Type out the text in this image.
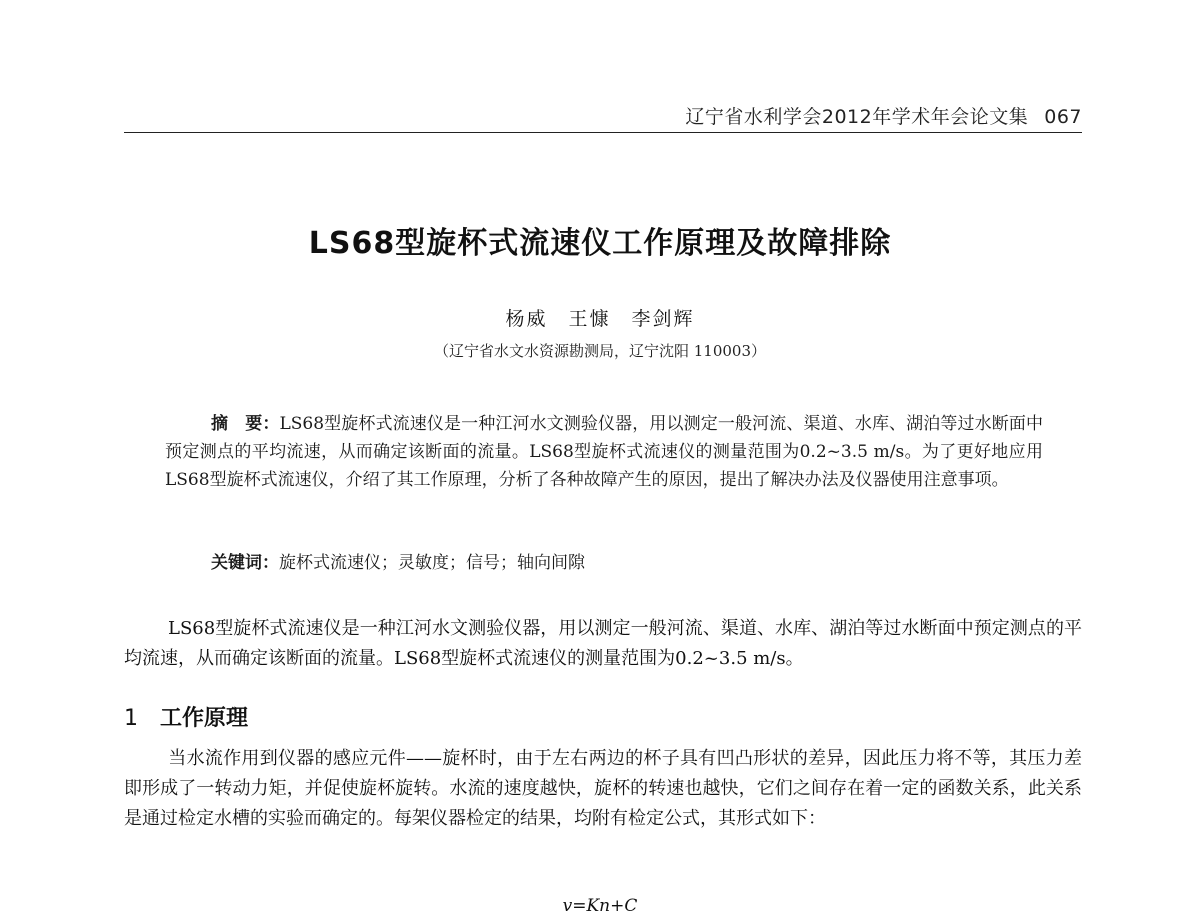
辽宁省水利学会2012年学术年会论文集 067
LS68型旋杯式流速仪工作原理及故障排除
杨威　王慷　李剑辉
（辽宁省水文水资源勘测局，辽宁沈阳 110003）
摘　要：LS68型旋杯式流速仪是一种江河水文测验仪器，用以测定一般河流、渠道、水库、湖泊等过水断面中预定测点的平均流速，从而确定该断面的流量。LS68型旋杯式流速仪的测量范围为0.2~3.5 m/s。为了更好地应用LS68型旋杯式流速仪，介绍了其工作原理，分析了各种故障产生的原因，提出了解决办法及仪器使用注意事项。
关键词：旋杯式流速仪；灵敏度；信号；轴向间隙
LS68型旋杯式流速仪是一种江河水文测验仪器，用以测定一般河流、渠道、水库、湖泊等过水断面中预定测点的平均流速，从而确定该断面的流量。LS68型旋杯式流速仪的测量范围为0.2~3.5 m/s。
1 工作原理
当水流作用到仪器的感应元件——旋杯时，由于左右两边的杯子具有凹凸形状的差异，因此压力将不等，其压力差即形成了一转动力矩，并促使旋杯旋转。水流的速度越快，旋杯的转速也越快，它们之间存在着一定的函数关系，此关系是通过检定水槽的实验而确定的。每架仪器检定的结果，均附有检定公式，其形式如下：
v=Kn+C
